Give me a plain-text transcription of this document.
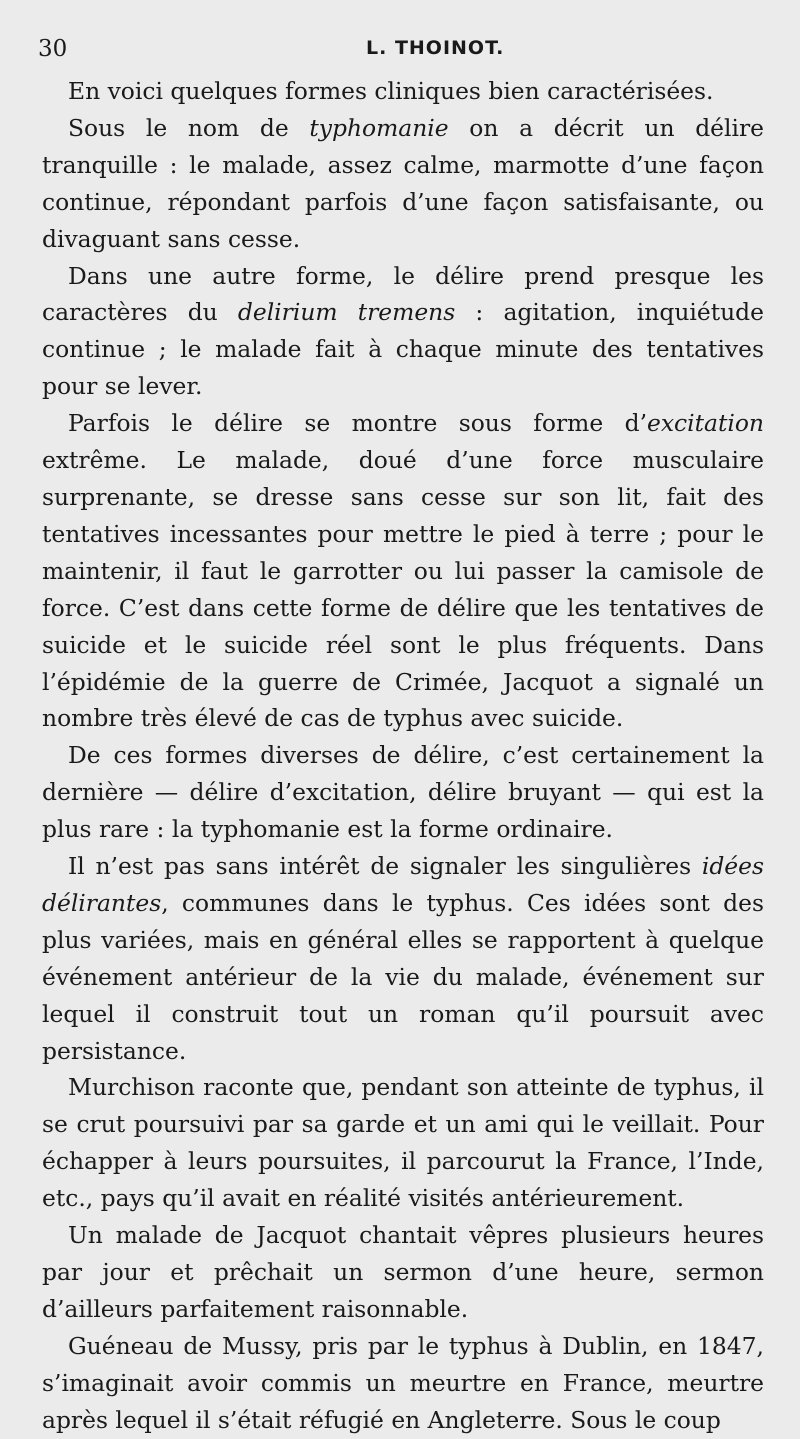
30	L. THOINOT.

En voici quelques formes cliniques bien caractérisées.

Sous le nom de typhomanie on a décrit un délire tranquille : le malade, assez calme, marmotte d’une façon continue, répondant parfois d’une façon satisfaisante, ou divaguant sans cesse.

Dans une autre forme, le délire prend presque les caractères du delirium tremens : agitation, inquiétude continue ; le malade fait à chaque minute des tentatives pour se lever.

Parfois le délire se montre sous forme d’excitation extrême. Le malade, doué d’une force musculaire surprenante, se dresse sans cesse sur son lit, fait des tentatives incessantes pour mettre le pied à terre ; pour le maintenir, il faut le garrotter ou lui passer la camisole de force. C’est dans cette forme de délire que les tentatives de suicide et le suicide réel sont le plus fréquents. Dans l’épidémie de la guerre de Crimée, Jacquot a signalé un nombre très élevé de cas de typhus avec suicide.

De ces formes diverses de délire, c’est certainement la dernière — délire d’excitation, délire bruyant — qui est la plus rare : la typhomanie est la forme ordinaire.

Il n’est pas sans intérêt de signaler les singulières idées délirantes, communes dans le typhus. Ces idées sont des plus variées, mais en général elles se rapportent à quelque événement antérieur de la vie du malade, événement sur lequel il construit tout un roman qu’il poursuit avec persistance.

Murchison raconte que, pendant son atteinte de typhus, il se crut poursuivi par sa garde et un ami qui le veillait. Pour échapper à leurs poursuites, il parcourut la France, l’Inde, etc., pays qu’il avait en réalité visités antérieurement.

Un malade de Jacquot chantait vêpres plusieurs heures par jour et prêchait un sermon d’une heure, sermon d’ailleurs parfaitement raisonnable.

Guéneau de Mussy, pris par le typhus à Dublin, en 1847, s’imaginait avoir commis un meurtre en France, meurtre après lequel il s’était réfugié en Angleterre. Sous le coup
